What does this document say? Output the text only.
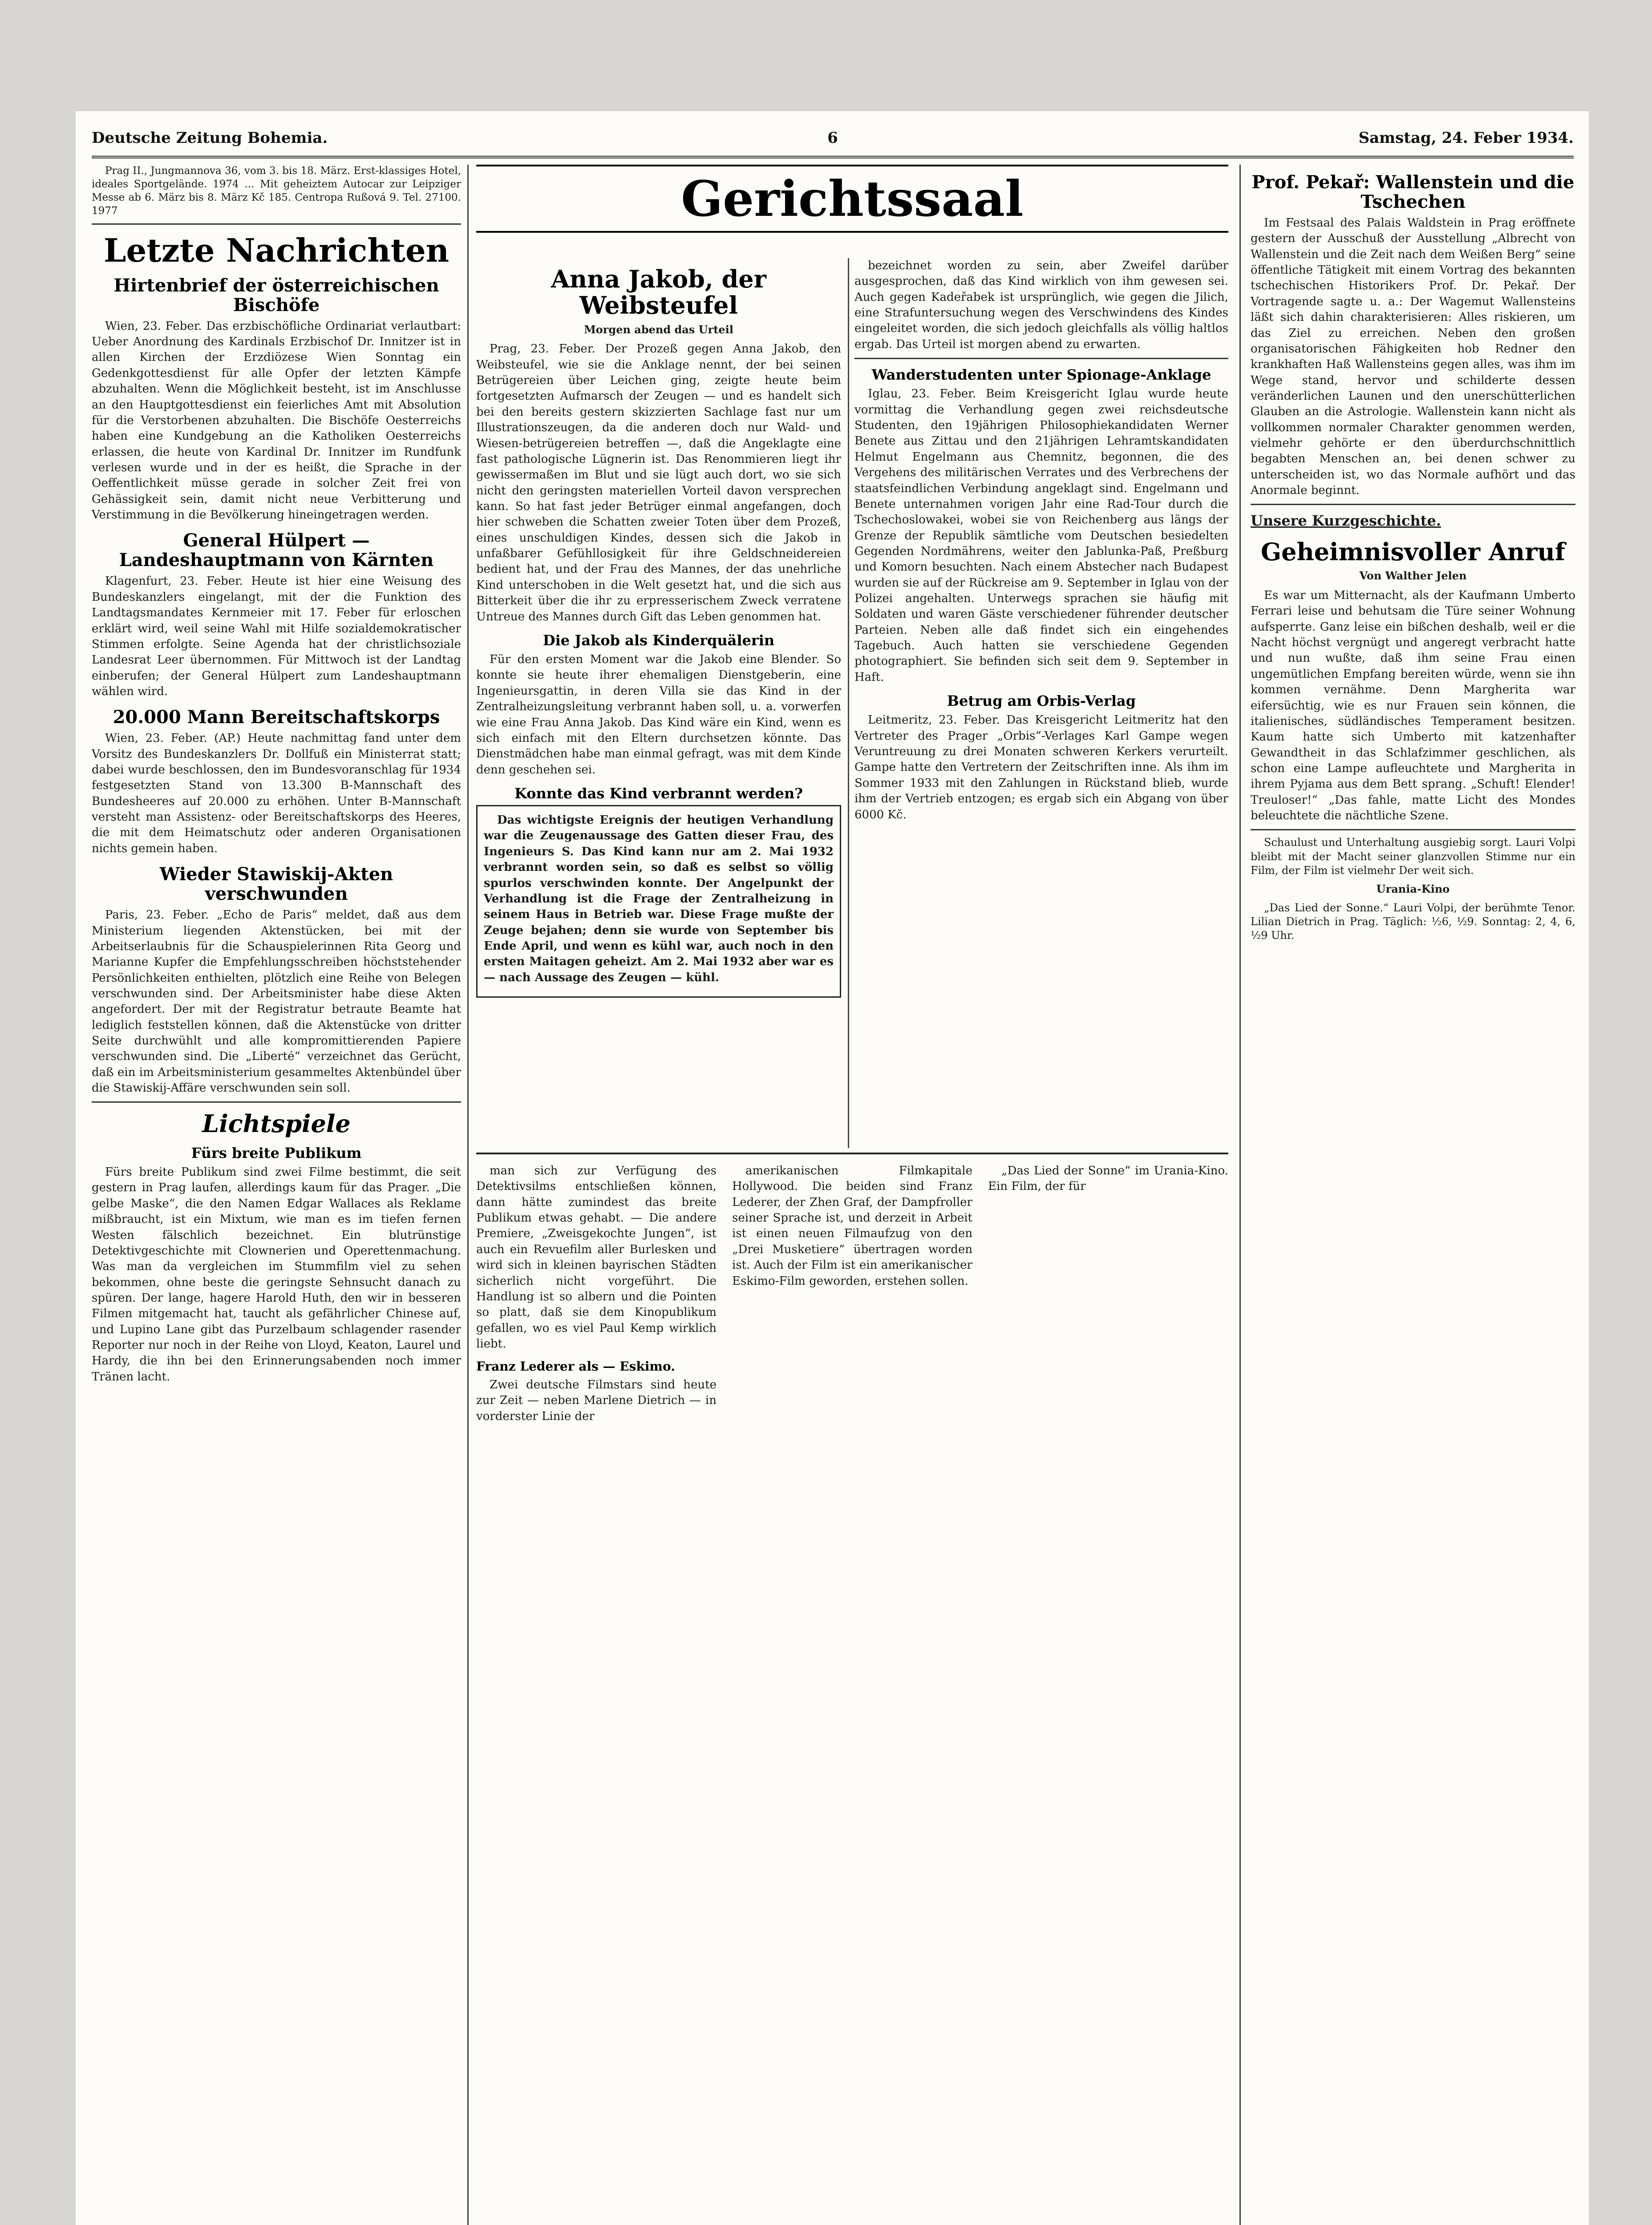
Deutsche Zeitung Bohemia.	6	Samstag, 24. Feber 1934.

Prag II., Jungmannova 36, vom 3. bis 18. März. Erst-klassiges Hotel, ideales Sportgelände. 1974 ... Mit geheiztem Autocar zur Leipziger Messe ab 6. März bis 8. März Kč 185. Centropa Rußová 9. Tel. 27100. 1977

Letzte Nachrichten
Hirtenbrief der österreichischen Bischöfe

Wien, 23. Feber. Das erzbischöfliche Ordinariat verlautbart: Ueber Anordnung des Kardinals Erzbischof Dr. Innitzer ist in allen Kirchen der Erzdiözese Wien Sonntag ein Gedenkgottesdienst für alle Opfer der letzten Kämpfe abzuhalten. Wenn die Möglichkeit besteht, ist im Anschlusse an den Hauptgottesdienst ein feierliches Amt mit Absolution für die Verstorbenen abzuhalten. Die Bischöfe Oesterreichs haben eine Kundgebung an die Katholiken Oesterreichs erlassen, die heute von Kardinal Dr. Innitzer im Rundfunk verlesen wurde und in der es heißt, die Sprache in der Oeffentlichkeit müsse gerade in solcher Zeit frei von Gehässigkeit sein, damit nicht neue Verbitterung und Verstimmung in die Bevölkerung hineingetragen werden.

General Hülpert — Landeshauptmann von Kärnten

Klagenfurt, 23. Feber. Heute ist hier eine Weisung des Bundeskanzlers eingelangt, mit der die Funktion des Landtagsmandates Kernmeier mit 17. Feber für erloschen erklärt wird, weil seine Wahl mit Hilfe sozialdemokratischer Stimmen erfolgte. Seine Agenda hat der christlichsoziale Landesrat Leer übernommen. Für Mittwoch ist der Landtag einberufen; der General Hülpert zum Landeshauptmann wählen wird.

20.000 Mann Bereitschaftskorps

Wien, 23. Feber. (AP.) Heute nachmittag fand unter dem Vorsitz des Bundeskanzlers Dr. Dollfuß ein Ministerrat statt; dabei wurde beschlossen, den im Bundesvoranschlag für 1934 festgesetzten Stand von 13.300 B-Mannschaft des Bundesheeres auf 20.000 zu erhöhen. Unter B-Mannschaft versteht man Assistenz- oder Bereitschaftskorps des Heeres, die mit dem Heimatschutz oder anderen Organisationen nichts gemein haben.

Wieder Stawiskij-Akten verschwunden

Paris, 23. Feber. „Echo de Paris“ meldet, daß aus dem Ministerium liegenden Aktenstücken, bei mit der Arbeitserlaubnis für die Schauspielerinnen Rita Georg und Marianne Kupfer die Empfehlungsschreiben höchststehender Persönlichkeiten enthielten, plötzlich eine Reihe von Belegen verschwunden sind. Der Arbeitsminister habe diese Akten angefordert. Der mit der Registratur betraute Beamte hat lediglich feststellen können, daß die Aktenstücke von dritter Seite durchwühlt und alle kompromittierenden Papiere verschwunden sind. Die „Liberté“ verzeichnet das Gerücht, daß ein im Arbeitsministerium gesammeltes Aktenbündel über die Stawiskij-Affäre verschwunden sein soll.

Lichtspiele
Fürs breite Publikum

Fürs breite Publikum sind zwei Filme bestimmt, die seit gestern in Prag laufen, allerdings kaum für das Prager. „Die gelbe Maske“, die den Namen Edgar Wallaces als Reklame mißbraucht, ist ein Mixtum, wie man es im tiefen fernen Westen fälschlich bezeichnet. Ein blutrünstige Detektivgeschichte mit Clownerien und Operettenmachung. Was man da vergleichen im Stummfilm viel zu sehen bekommen, ohne beste die geringste Sehnsucht danach zu spüren. Der lange, hagere Harold Huth, den wir in besseren Filmen mitgemacht hat, taucht als gefährlicher Chinese auf, und Lupino Lane gibt das Purzelbaum schlagender rasender Reporter nur noch in der Reihe von Lloyd, Keaton, Laurel und Hardy, die ihn bei den Erinnerungsabenden noch immer Tränen lacht.

Gerichtssaal
Anna Jakob, der Weibsteufel
Morgen abend das Urteil

Prag, 23. Feber. Der Prozeß gegen Anna Jakob, den Weibsteufel, wie sie die Anklage nennt, der bei seinen Betrügereien über Leichen ging, zeigte heute beim fortgesetzten Aufmarsch der Zeugen — und es handelt sich bei den bereits gestern skizzierten Sachlage fast nur um Illustrationszeugen, da die anderen doch nur Wald- und Wiesen-betrügereien betreffen —, daß die Angeklagte eine fast pathologische Lügnerin ist. Das Renommieren liegt ihr gewissermaßen im Blut und sie lügt auch dort, wo sie sich nicht den geringsten materiellen Vorteil davon versprechen kann. So hat fast jeder Betrüger einmal angefangen, doch hier schweben die Schatten zweier Toten über dem Prozeß, eines unschuldigen Kindes, dessen sich die Jakob in unfaßbarer Gefühllosigkeit für ihre Geldschneidereien bedient hat, und der Frau des Mannes, der das unehrliche Kind unterschoben in die Welt gesetzt hat, und die sich aus Bitterkeit über die ihr zu erpresserischem Zweck verratene Untreue des Mannes durch Gift das Leben genommen hat.

Die Jakob als Kinderquälerin

Für den ersten Moment war die Jakob eine Blender. So konnte sie heute ihrer ehemaligen Dienstgeberin, eine Ingenieursgattin, in deren Villa sie das Kind in der Zentralheizungsleitung verbrannt haben soll, u. a. vorwerfen wie eine Frau Anna Jakob. Das Kind wäre ein Kind, wenn es sich einfach mit den Eltern durchsetzen könnte. Das Dienstmädchen habe man einmal gefragt, was mit dem Kinde denn geschehen sei.

Konnte das Kind verbrannt werden?

Das wichtigste Ereignis der heutigen Verhandlung war die Zeugenaussage des Gatten dieser Frau, des Ingenieurs S. Das Kind kann nur am 2. Mai 1932 verbrannt worden sein, so daß es selbst so völlig spurlos verschwinden konnte. Der Angelpunkt der Verhandlung ist die Frage der Zentralheizung in seinem Haus in Betrieb war. Diese Frage mußte der Zeuge bejahen; denn sie wurde von September bis Ende April, und wenn es kühl war, auch noch in den ersten Maitagen geheizt. Am 2. Mai 1932 aber war es — nach Aussage des Zeugen — kühl.

bezeichnet worden zu sein, aber Zweifel darüber ausgesprochen, daß das Kind wirklich von ihm gewesen sei. Auch gegen Kadeřabek ist ursprünglich, wie gegen die Jilich, eine Strafuntersuchung wegen des Verschwindens des Kindes eingeleitet worden, die sich jedoch gleichfalls als völlig haltlos ergab. Das Urteil ist morgen abend zu erwarten.

Wanderstudenten unter Spionage-Anklage

Iglau, 23. Feber. Beim Kreisgericht Iglau wurde heute vormittag die Verhandlung gegen zwei reichsdeutsche Studenten, den 19jährigen Philosophiekandidaten Werner Benete aus Zittau und den 21jährigen Lehramtskandidaten Helmut Engelmann aus Chemnitz, begonnen, die des Vergehens des militärischen Verrates und des Verbrechens der staatsfeindlichen Verbindung angeklagt sind. Engelmann und Benete unternahmen vorigen Jahr eine Rad-Tour durch die Tschechoslowakei, wobei sie von Reichenberg aus längs der Grenze der Republik sämtliche vom Deutschen besiedelten Gegenden Nordmährens, weiter den Jablunka-Paß, Preßburg und Komorn besuchten. Nach einem Abstecher nach Budapest wurden sie auf der Rückreise am 9. September in Iglau von der Polizei angehalten. Unterwegs sprachen sie häufig mit Soldaten und waren Gäste verschiedener führender deutscher Parteien. Neben alle daß findet sich ein eingehendes Tagebuch. Auch hatten sie verschiedene Gegenden photographiert. Sie befinden sich seit dem 9. September in Haft.

Betrug am Orbis-Verlag

Leitmeritz, 23. Feber. Das Kreisgericht Leitmeritz hat den Vertreter des Prager „Orbis“-Verlages Karl Gampe wegen Veruntreuung zu drei Monaten schweren Kerkers verurteilt. Gampe hatte den Vertretern der Zeitschriften inne. Als ihm im Sommer 1933 mit den Zahlungen in Rückstand blieb, wurde ihm der Vertrieb entzogen; es ergab sich ein Abgang von über 6000 Kč.

man sich zur Verfügung des Detektivsilms entschließen können, dann hätte zumindest das breite Publikum etwas gehabt. — Die andere Premiere, „Zweisgekochte Jungen“, ist auch ein Revuefilm aller Burlesken und wird sich in kleinen bayrischen Städten sicherlich nicht vorgeführt. Die Handlung ist so albern und die Pointen so platt, daß sie dem Kinopublikum gefallen, wo es viel Paul Kemp wirklich liebt.

Franz Lederer als — Eskimo.

Zwei deutsche Filmstars sind heute zur Zeit — neben Marlene Dietrich — in vorderster Linie der

amerikanischen Filmkapitale Hollywood. Die beiden sind Franz Lederer, der Zhen Graf, der Dampfroller seiner Sprache ist, und derzeit in Arbeit ist einen neuen Filmaufzug von den „Drei Musketiere“ übertragen worden ist. Auch der Film ist ein amerikanischer Eskimo-Film geworden, erstehen sollen.

„Das Lied der Sonne“ im Urania-Kino. Ein Film, der für

Prof. Pekař: Wallenstein und die Tschechen

Im Festsaal des Palais Waldstein in Prag eröffnete gestern der Ausschuß der Ausstellung „Albrecht von Wallenstein und die Zeit nach dem Weißen Berg“ seine öffentliche Tätigkeit mit einem Vortrag des bekannten tschechischen Historikers Prof. Dr. Pekař. Der Vortragende sagte u. a.: Der Wagemut Wallensteins läßt sich dahin charakterisieren: Alles riskieren, um das Ziel zu erreichen. Neben den großen organisatorischen Fähigkeiten hob Redner den krankhaften Haß Wallensteins gegen alles, was ihm im Wege stand, hervor und schilderte dessen veränderlichen Launen und den unerschütterlichen Glauben an die Astrologie. Wallenstein kann nicht als vollkommen normaler Charakter genommen werden, vielmehr gehörte er den überdurchschnittlich begabten Menschen an, bei denen schwer zu unterscheiden ist, wo das Normale aufhört und das Anormale beginnt.

Unsere Kurzgeschichte.
Geheimnisvoller Anruf
Von Walther Jelen

Es war um Mitternacht, als der Kaufmann Umberto Ferrari leise und behutsam die Türe seiner Wohnung aufsperrte. Ganz leise ein bißchen deshalb, weil er die Nacht höchst vergnügt und angeregt verbracht hatte und nun wußte, daß ihm seine Frau einen ungemütlichen Empfang bereiten würde, wenn sie ihn kommen vernähme. Denn Margherita war eifersüchtig, wie es nur Frauen sein können, die italienisches, südländisches Temperament besitzen. Kaum hatte sich Umberto mit katzenhafter Gewandtheit in das Schlafzimmer geschlichen, als schon eine Lampe aufleuchtete und Margherita in ihrem Pyjama aus dem Bett sprang. „Schuft! Elender! Treuloser!“ „Das fahle, matte Licht des Mondes beleuchtete die nächtliche Szene.

Schaulust und Unterhaltung ausgiebig sorgt. Lauri Volpi bleibt mit der Macht seiner glanzvollen Stimme nur ein Film, der Film ist vielmehr Der weit sich.

Urania-Kino

„Das Lied der Sonne.“ Lauri Volpi, der berühmte Tenor. Lilian Dietrich in Prag. Täglich: ½6, ½9. Sonntag: 2, 4, 6, ½9 Uhr.
